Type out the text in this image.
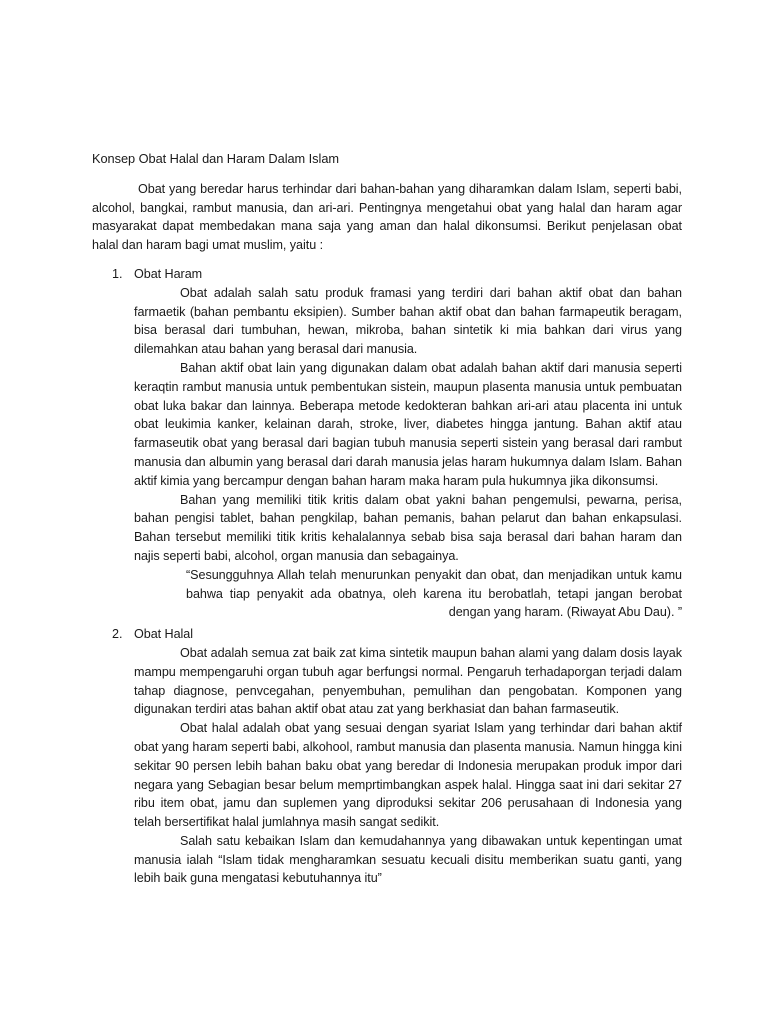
Konsep Obat Halal dan Haram Dalam Islam

Obat yang beredar harus terhindar dari bahan-bahan yang diharamkan dalam Islam, seperti babi, alcohol, bangkai, rambut manusia, dan ari-ari. Pentingnya mengetahui obat yang halal dan haram agar masyarakat dapat membedakan mana saja yang aman dan halal dikonsumsi. Berikut penjelasan obat halal dan haram bagi umat muslim, yaitu :

1. Obat Haram

Obat adalah salah satu produk framasi yang terdiri dari bahan aktif obat dan bahan farmaetik (bahan pembantu eksipien). Sumber bahan aktif obat dan bahan farmapeutik beragam, bisa berasal dari tumbuhan, hewan, mikroba, bahan sintetik ki mia bahkan dari virus yang dilemahkan atau bahan yang berasal dari manusia.

Bahan aktif obat lain yang digunakan dalam obat adalah bahan aktif dari manusia seperti keraqtin rambut manusia untuk pembentukan sistein, maupun plasenta manusia untuk pembuatan obat luka bakar dan lainnya. Beberapa metode kedokteran bahkan ari-ari atau placenta ini untuk obat leukimia kanker, kelainan darah, stroke, liver, diabetes hingga jantung. Bahan aktif atau farmaseutik obat yang berasal dari bagian tubuh manusia seperti sistein yang berasal dari rambut manusia dan albumin yang berasal dari darah manusia jelas haram hukumnya dalam Islam. Bahan aktif kimia yang bercampur dengan bahan haram maka haram pula hukumnya jika dikonsumsi.

Bahan yang memiliki titik kritis dalam obat yakni bahan pengemulsi, pewarna, perisa, bahan pengisi tablet, bahan pengkilap, bahan pemanis, bahan pelarut dan bahan enkapsulasi. Bahan tersebut memiliki titik kritis kehalalannya sebab bisa saja berasal dari bahan haram dan najis seperti babi, alcohol, organ manusia dan sebagainya.

“Sesungguhnya Allah telah menurunkan penyakit dan obat, dan menjadikan untuk kamu bahwa tiap penyakit ada obatnya, oleh karena itu berobatlah, tetapi jangan berobat dengan yang haram. (Riwayat Abu Dau). ”

2. Obat Halal

Obat adalah semua zat baik zat kima sintetik maupun bahan alami yang dalam dosis layak mampu mempengaruhi organ tubuh agar berfungsi normal. Pengaruh terhadaporgan terjadi dalam tahap diagnose, penvcegahan, penyembuhan, pemulihan dan pengobatan. Komponen yang digunakan terdiri atas bahan aktif obat atau zat yang berkhasiat dan bahan farmaseutik.

Obat halal adalah obat yang sesuai dengan syariat Islam yang terhindar dari bahan aktif obat yang haram seperti babi, alkohool, rambut manusia dan plasenta manusia. Namun hingga kini sekitar 90 persen lebih bahan baku obat yang beredar di Indonesia merupakan produk impor dari negara yang Sebagian besar belum memprtimbangkan aspek halal. Hingga saat ini dari sekitar 27 ribu item obat, jamu dan suplemen yang diproduksi sekitar 206 perusahaan di Indonesia yang telah bersertifikat halal jumlahnya masih sangat sedikit.

Salah satu kebaikan Islam dan kemudahannya yang dibawakan untuk kepentingan umat manusia ialah “Islam tidak mengharamkan sesuatu kecuali disitu memberikan suatu ganti, yang lebih baik guna mengatasi kebutuhannya itu”
